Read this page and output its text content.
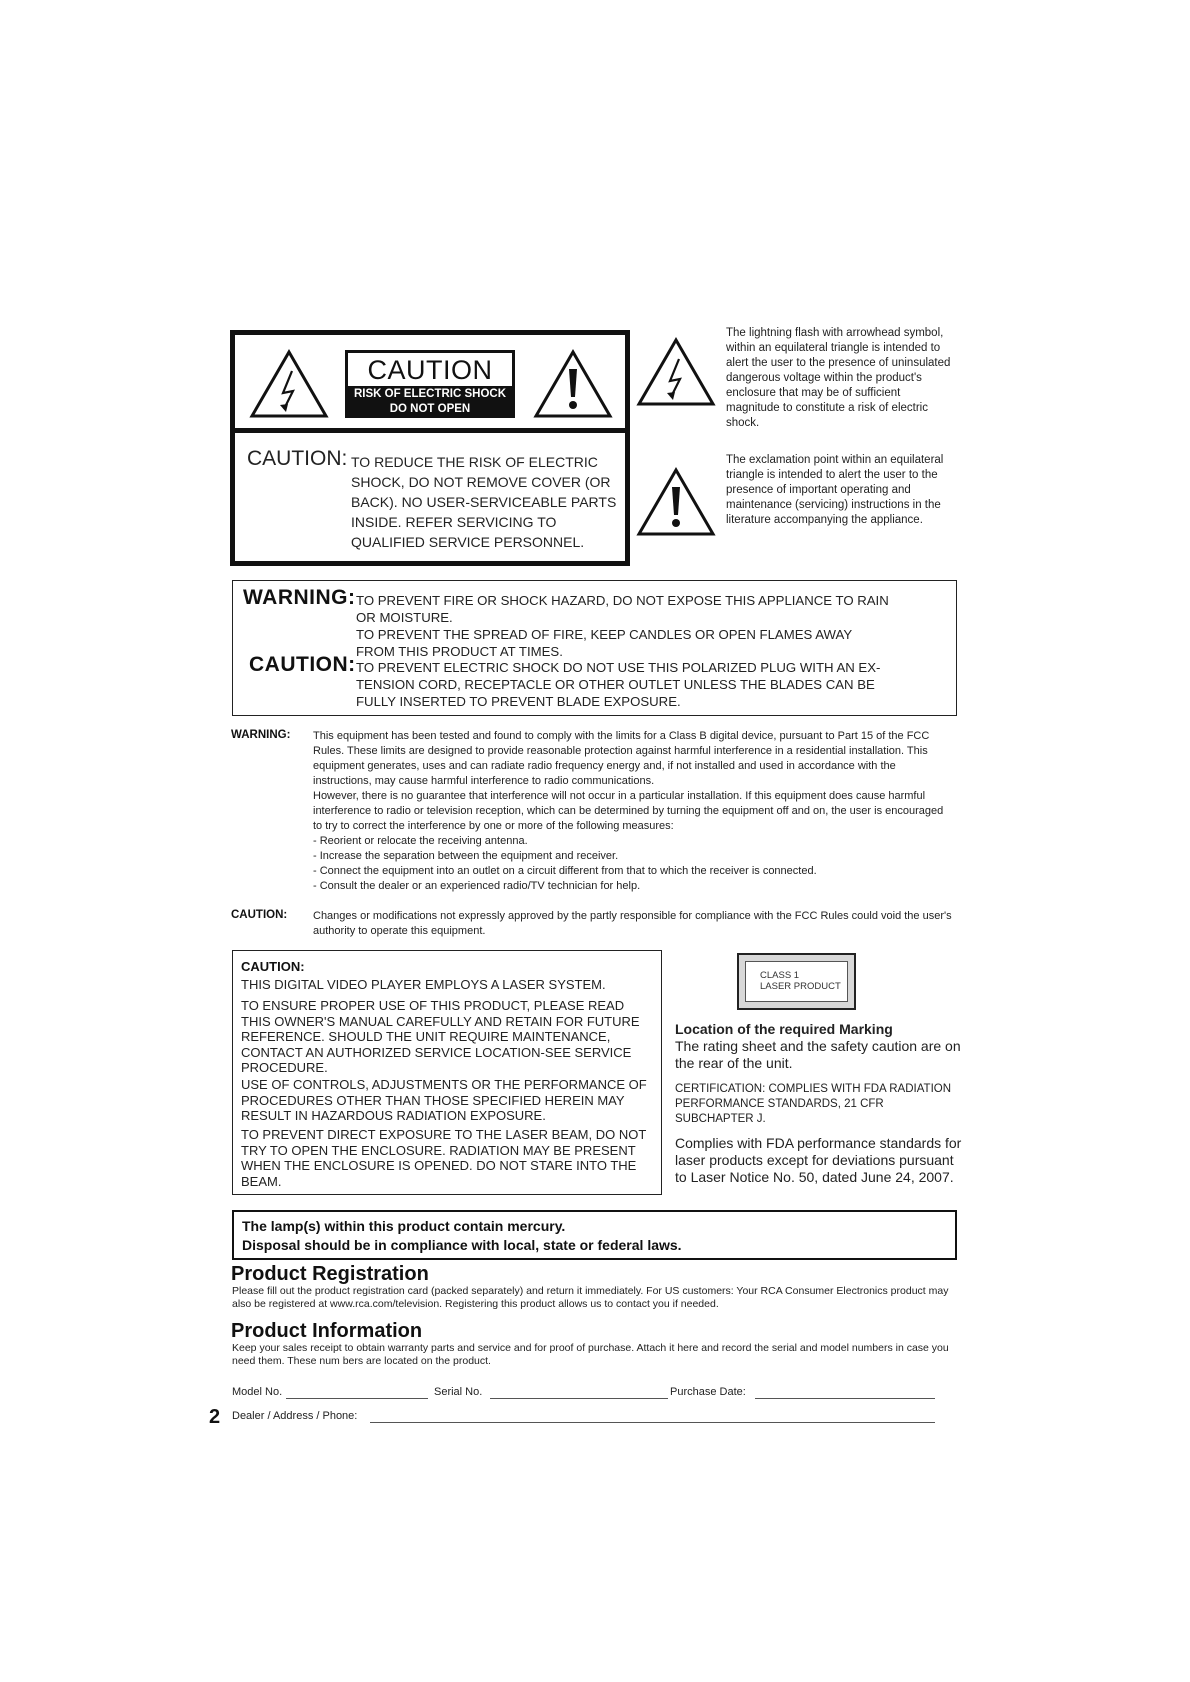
CAUTION
RISK OF ELECTRIC SHOCK
DO NOT OPEN
CAUTION: TO REDUCE THE RISK OF ELECTRIC SHOCK, DO NOT REMOVE COVER (OR BACK). NO USER-SERVICEABLE PARTS INSIDE. REFER SERVICING TO QUALIFIED SERVICE PERSONNEL.
The lightning flash with arrowhead symbol, within an equilateral triangle is intended to alert the user to the presence of uninsulated dangerous voltage within the product's enclosure that may be of sufficient magnitude to constitute a risk of electric shock.
The exclamation point within an equilateral triangle is intended to alert the user to the presence of important operating and maintenance (servicing) instructions in the literature accompanying the appliance.
WARNING: TO PREVENT FIRE OR SHOCK HAZARD, DO NOT EXPOSE THIS APPLIANCE TO RAIN
OR MOISTURE.
TO PREVENT THE SPREAD OF FIRE, KEEP CANDLES OR OPEN FLAMES AWAY
FROM THIS PRODUCT AT TIMES.
CAUTION: TO PREVENT ELECTRIC SHOCK DO NOT USE THIS POLARIZED PLUG WITH AN EX-
TENSION CORD, RECEPTACLE OR OTHER OUTLET UNLESS THE BLADES CAN BE
FULLY INSERTED TO PREVENT BLADE EXPOSURE.
WARNING: This equipment has been tested and found to comply with the limits for a Class B digital device, pursuant to Part 15 of the FCC Rules. These limits are designed to provide reasonable protection against harmful interference in a residential installation. This equipment generates, uses and can radiate radio frequency energy and, if not installed and used in accordance with the instructions, may cause harmful interference to radio communications.

However, there is no guarantee that interference will not occur in a particular installation. If this equipment does cause harmful interference to radio or television reception, which can be determined by turning the equipment off and on, the user is encouraged to try to correct the interference by one or more of the following measures:

- Reorient or relocate the receiving antenna.

- Increase the separation between the equipment and receiver.

- Connect the equipment into an outlet on a circuit different from that to which the receiver is connected.

- Consult the dealer or an experienced radio/TV technician for help.

CAUTION: Changes or modifications not expressly approved by the partly responsible for compliance with the FCC Rules could void the user's authority to operate this equipment.
CAUTION:
THIS DIGITAL VIDEO PLAYER EMPLOYS A LASER SYSTEM.
TO ENSURE PROPER USE OF THIS PRODUCT, PLEASE READ THIS OWNER'S MANUAL CAREFULLY AND RETAIN FOR FUTURE REFERENCE. SHOULD THE UNIT REQUIRE MAINTENANCE, CONTACT AN AUTHORIZED SERVICE LOCATION-SEE SERVICE PROCEDURE.
USE OF CONTROLS, ADJUSTMENTS OR THE PERFORMANCE OF PROCEDURES OTHER THAN THOSE SPECIFIED HEREIN MAY RESULT IN HAZARDOUS RADIATION EXPOSURE.
TO PREVENT DIRECT EXPOSURE TO THE LASER BEAM, DO NOT TRY TO OPEN THE ENCLOSURE. RADIATION MAY BE PRESENT WHEN THE ENCLOSURE IS OPENED. DO NOT STARE INTO THE BEAM.
CLASS 1
LASER PRODUCT
Location of the required Marking
The rating sheet and the safety caution are on the rear of the unit.
CERTIFICATION: COMPLIES WITH FDA RADIATION PERFORMANCE STANDARDS, 21 CFR SUBCHAPTER J.
Complies with FDA performance standards for laser products except for deviations pursuant to Laser Notice No. 50, dated June 24, 2007.
The lamp(s) within this product contain mercury.
Disposal should be in compliance with local, state or federal laws.
Product Registration
Please fill out the product registration card (packed separately) and return it immediately. For US customers: Your RCA Consumer Electronics product may also be registered at www.rca.com/television. Registering this product allows us to contact you if needed.
Product Information
Keep your sales receipt to obtain warranty parts and service and for proof of purchase. Attach it here and record the serial and model numbers in case you need them. These num bers are located on the product.
Model No.	Serial No.	Purchase Date:
2 Dealer / Address / Phone:
